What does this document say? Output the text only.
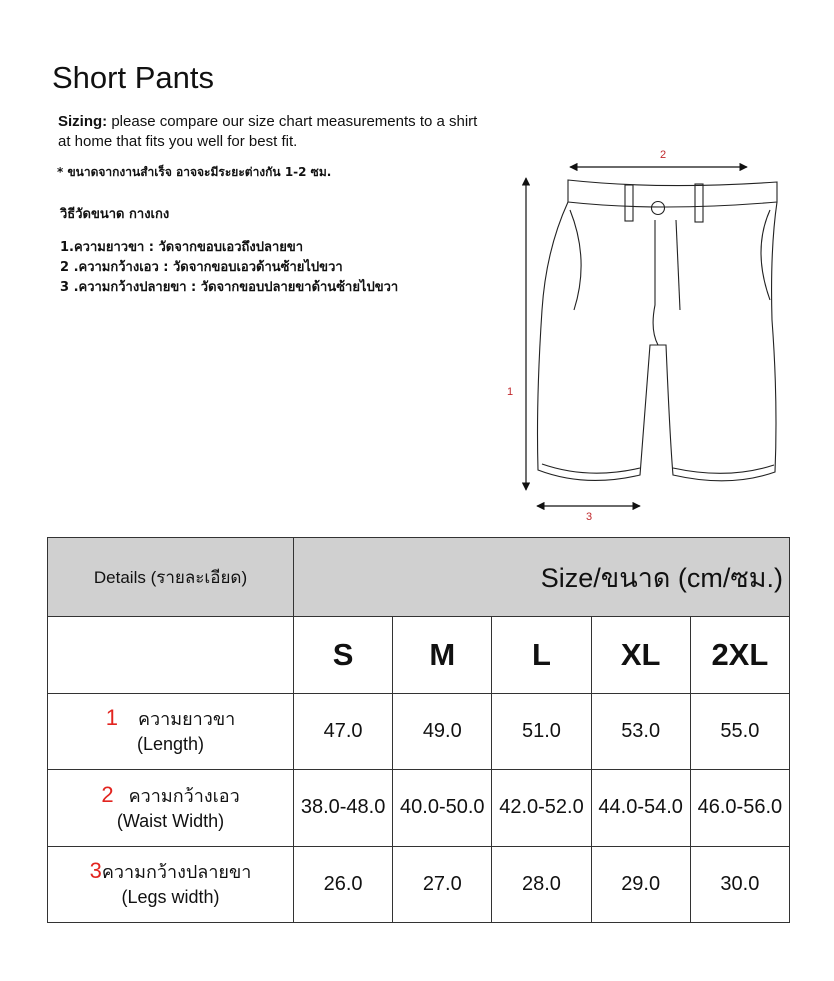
Short Pants
Sizing: please compare our size chart measurements to a shirt at home that fits you well for best fit.
* ขนาดจากงานสำเร็จ อาจจะมีระยะต่างกัน 1-2 ซม.
วิธีวัดขนาด กางเกง
1.ความยาวขา : วัดจากขอบเอวถึงปลายขา
2 .ความกว้างเอว : วัดจากขอบเอวด้านซ้ายไปขวา
3 .ความกว้างปลายขา : วัดจากขอบปลายขาด้านซ้ายไปขวา
2
1
3
Details (รายละเอียด)	Size/ขนาด (cm/ซม.)				
	S	M	L	XL	2XL
1 ความยาวขา
(Length)	47.0	49.0	51.0	53.0	55.0
2 ความกว้างเอว
(Waist Width)	38.0-48.0	40.0-50.0	42.0-52.0	44.0-54.0	46.0-56.0
3ความกว้างปลายขา
(Legs width)	26.0	27.0	28.0	29.0	30.0
